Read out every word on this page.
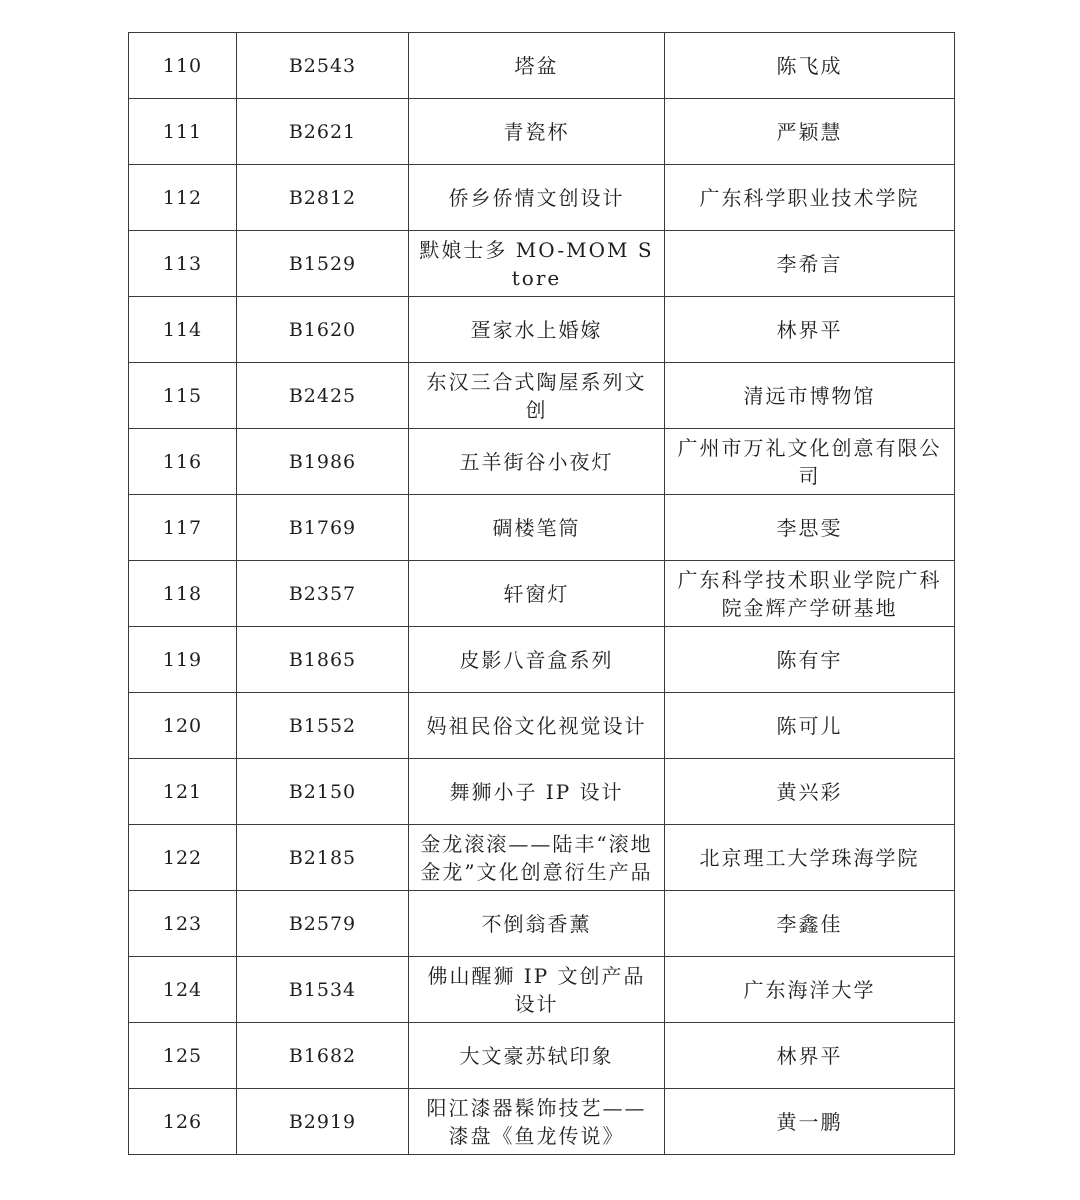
110	B2543	塔盆	陈飞成
111	B2621	青瓷杯	严颖慧
112	B2812	侨乡侨情文创设计	广东科学职业技术学院
113	B1529	默娘士多 MO-MOM Store	李希言
114	B1620	疍家水上婚嫁	林界平
115	B2425	东汉三合式陶屋系列文创	清远市博物馆
116	B1986	五羊街谷小夜灯	广州市万礼文化创意有限公司
117	B1769	碉楼笔筒	李思雯
118	B2357	轩窗灯	广东科学技术职业学院广科院金辉产学研基地
119	B1865	皮影八音盒系列	陈有宇
120	B1552	妈祖民俗文化视觉设计	陈可儿
121	B2150	舞狮小子 IP 设计	黄兴彩
122	B2185	金龙滚滚——陆丰“滚地金龙”文化创意衍生产品	北京理工大学珠海学院
123	B2579	不倒翁香薰	李鑫佳
124	B1534	佛山醒狮 IP 文创产品设计	广东海洋大学
125	B1682	大文豪苏轼印象	林界平
126	B2919	阳江漆器髹饰技艺——漆盘《鱼龙传说》	黄一鹏
